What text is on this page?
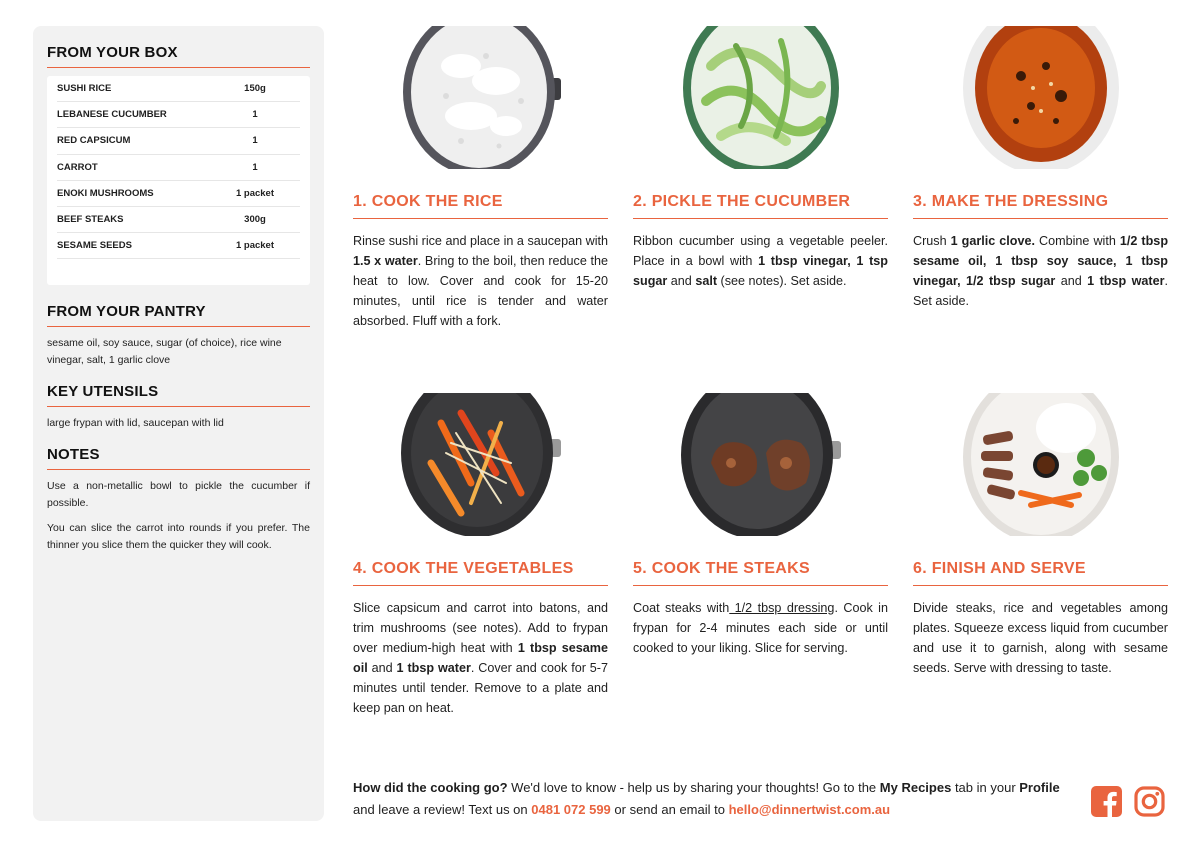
FROM YOUR BOX
SUSHI RICE	150g
LEBANESE CUCUMBER	1
RED CAPSICUM	1
CARROT	1
ENOKI MUSHROOMS	1 packet
BEEF STEAKS	300g
SESAME SEEDS	1 packet
FROM YOUR PANTRY
sesame oil, soy sauce, sugar (of choice), rice wine vinegar, salt, 1 garlic clove
KEY UTENSILS
large frypan with lid, saucepan with lid
NOTES
Use a non-metallic bowl to pickle the cucumber if possible.
You can slice the carrot into rounds if you prefer. The thinner you slice them the quicker they will cook.
1. COOK THE RICE
Rinse sushi rice and place in a saucepan with 1.5 x water. Bring to the boil, then reduce the heat to low. Cover and cook for 15-20 minutes, until rice is tender and water absorbed. Fluff with a fork.
2. PICKLE THE CUCUMBER
Ribbon cucumber using a vegetable peeler. Place in a bowl with 1 tbsp vinegar, 1 tsp sugar and salt (see notes). Set aside.
3. MAKE THE DRESSING
Crush 1 garlic clove. Combine with 1/2 tbsp sesame oil, 1 tbsp soy sauce, 1 tbsp vinegar, 1/2 tbsp sugar and 1 tbsp water. Set aside.
4. COOK THE VEGETABLES
Slice capsicum and carrot into batons, and trim mushrooms (see notes). Add to frypan over medium-high heat with 1 tbsp sesame oil and 1 tbsp water. Cover and cook for 5-7 minutes until tender. Remove to a plate and keep pan on heat.
5. COOK THE STEAKS
Coat steaks with 1/2 tbsp dressing. Cook in frypan for 2-4 minutes each side or until cooked to your liking. Slice for serving.
6. FINISH AND SERVE
Divide steaks, rice and vegetables among plates. Squeeze excess liquid from cucumber and use it to garnish, along with sesame seeds. Serve with dressing to taste.
How did the cooking go? We'd love to know - help us by sharing your thoughts! Go to the My Recipes tab in your Profile and leave a review! Text us on 0481 072 599 or send an email to hello@dinnertwist.com.au
